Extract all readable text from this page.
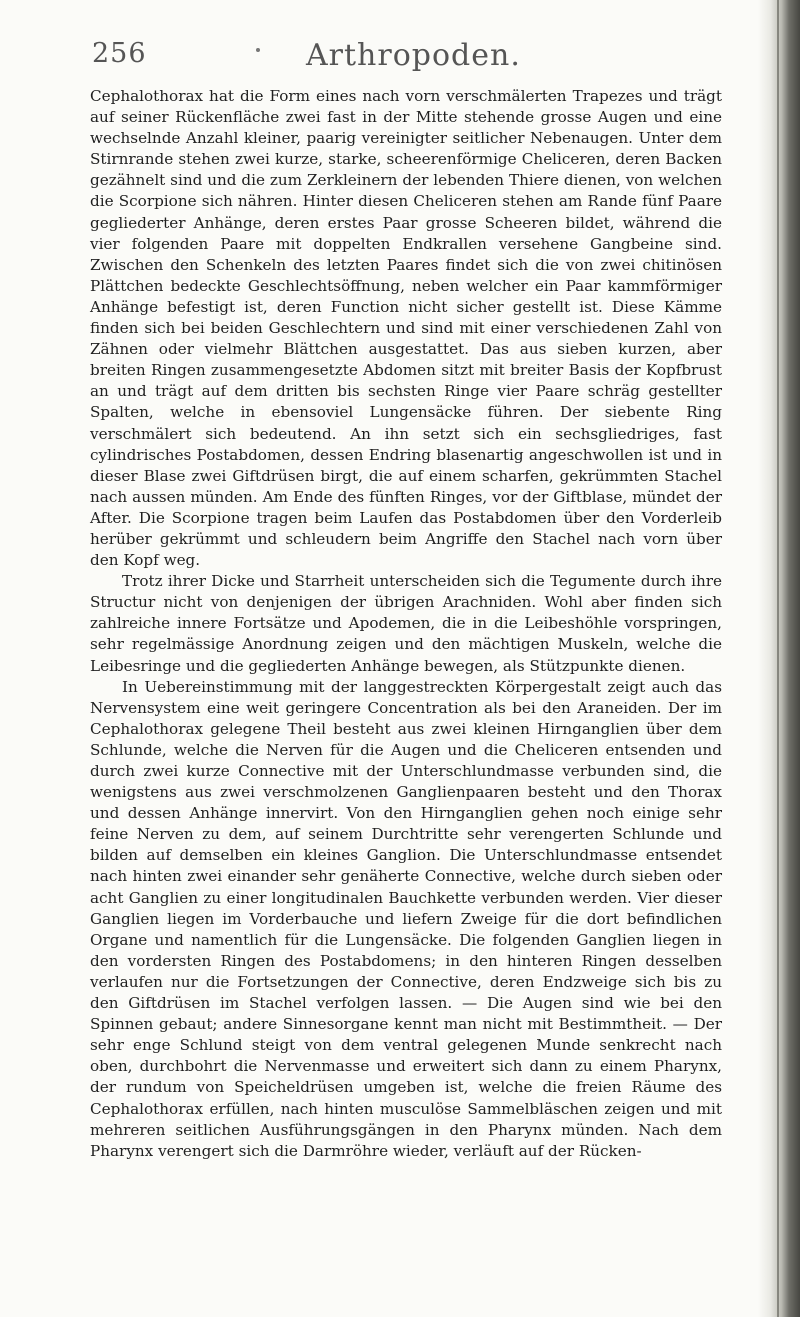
256	Arthropoden.

Cephalothorax hat die Form eines nach vorn verschmälerten Trapezes und trägt auf seiner Rückenfläche zwei fast in der Mitte stehende grosse Augen und eine wechselnde Anzahl kleiner, paarig vereinigter seitlicher Nebenaugen. Unter dem Stirnrande stehen zwei kurze, starke, scheerenförmige Cheliceren, deren Backen gezähnelt sind und die zum Zerkleinern der lebenden Thiere dienen, von welchen die Scorpione sich nähren. Hinter diesen Cheliceren stehen am Rande fünf Paare gegliederter Anhänge, deren erstes Paar grosse Scheeren bildet, während die vier folgenden Paare mit doppelten Endkrallen versehene Gangbeine sind. Zwischen den Schenkeln des letzten Paares findet sich die von zwei chitinösen Plättchen bedeckte Geschlechtsöffnung, neben welcher ein Paar kammförmiger Anhänge befestigt ist, deren Function nicht sicher gestellt ist. Diese Kämme finden sich bei beiden Geschlechtern und sind mit einer verschiedenen Zahl von Zähnen oder vielmehr Blättchen ausgestattet. Das aus sieben kurzen, aber breiten Ringen zusammengesetzte Abdomen sitzt mit breiter Basis der Kopfbrust an und trägt auf dem dritten bis sechsten Ringe vier Paare schräg gestellter Spalten, welche in ebensoviel Lungensäcke führen. Der siebente Ring verschmälert sich bedeutend. An ihn setzt sich ein sechsgliedriges, fast cylindrisches Postabdomen, dessen Endring blasenartig angeschwollen ist und in dieser Blase zwei Giftdrüsen birgt, die auf einem scharfen, gekrümmten Stachel nach aussen münden. Am Ende des fünften Ringes, vor der Giftblase, mündet der After. Die Scorpione tragen beim Laufen das Postabdomen über den Vorderleib herüber gekrümmt und schleudern beim Angriffe den Stachel nach vorn über den Kopf weg.

Trotz ihrer Dicke und Starrheit unterscheiden sich die Tegumente durch ihre Structur nicht von denjenigen der übrigen Arachniden. Wohl aber finden sich zahlreiche innere Fortsätze und Apodemen, die in die Leibeshöhle vorspringen, sehr regelmässige Anordnung zeigen und den mächtigen Muskeln, welche die Leibesringe und die gegliederten Anhänge bewegen, als Stützpunkte dienen.

In Uebereinstimmung mit der langgestreckten Körpergestalt zeigt auch das Nervensystem eine weit geringere Concentration als bei den Araneiden. Der im Cephalothorax gelegene Theil besteht aus zwei kleinen Hirnganglien über dem Schlunde, welche die Nerven für die Augen und die Cheliceren entsenden und durch zwei kurze Connective mit der Unterschlundmasse verbunden sind, die wenigstens aus zwei verschmolzenen Ganglienpaaren besteht und den Thorax und dessen Anhänge innervirt. Von den Hirnganglien gehen noch einige sehr feine Nerven zu dem, auf seinem Durchtritte sehr verengerten Schlunde und bilden auf demselben ein kleines Ganglion. Die Unterschlundmasse entsendet nach hinten zwei einander sehr genäherte Connective, welche durch sieben oder acht Ganglien zu einer longitudinalen Bauchkette verbunden werden. Vier dieser Ganglien liegen im Vorderbauche und liefern Zweige für die dort befindlichen Organe und namentlich für die Lungensäcke. Die folgenden Ganglien liegen in den vordersten Ringen des Postabdomens; in den hinteren Ringen desselben verlaufen nur die Fortsetzungen der Connective, deren Endzweige sich bis zu den Giftdrüsen im Stachel verfolgen lassen. — Die Augen sind wie bei den Spinnen gebaut; andere Sinnesorgane kennt man nicht mit Bestimmtheit. — Der sehr enge Schlund steigt von dem ventral gelegenen Munde senkrecht nach oben, durchbohrt die Nervenmasse und erweitert sich dann zu einem Pharynx, der rundum von Speicheldrüsen umgeben ist, welche die freien Räume des Cephalothorax erfüllen, nach hinten musculöse Sammelbläschen zeigen und mit mehreren seitlichen Ausführungsgängen in den Pharynx münden. Nach dem Pharynx verengert sich die Darmröhre wieder, verläuft auf der Rücken-
